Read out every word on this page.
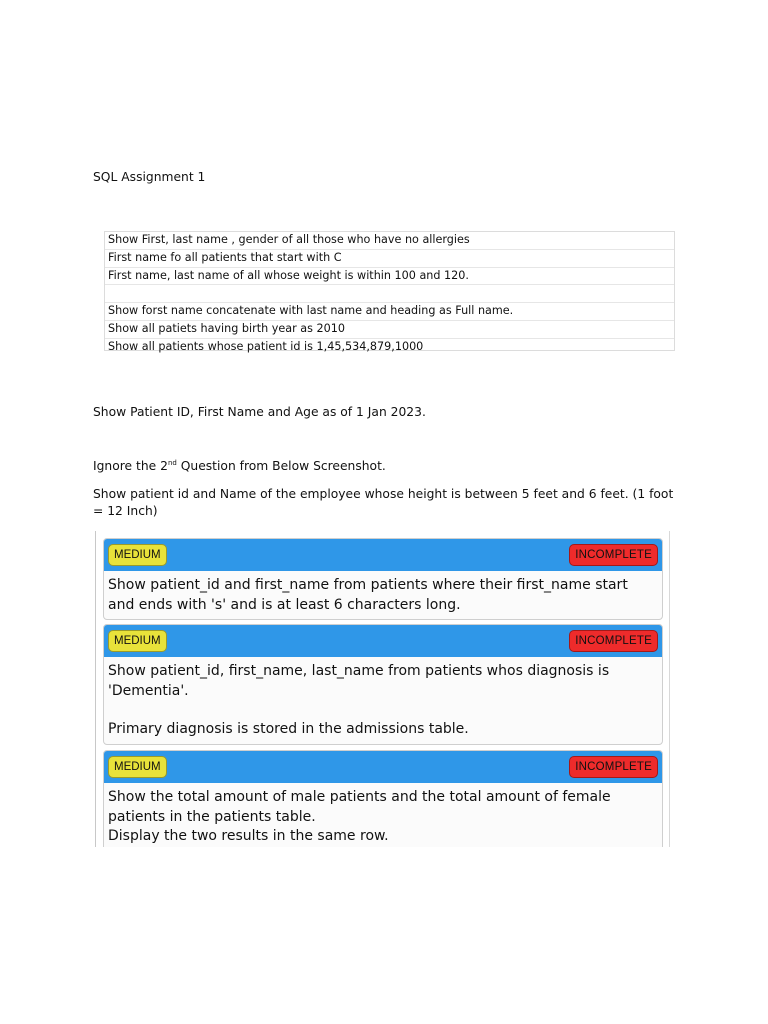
SQL Assignment 1

Show First, last name , gender of all those who have no allergies
First name fo all patients that start with C
First name, last name of all whose weight is within 100 and 120.
Show forst name concatenate with last name and heading as Full name.
Show all patiets having birth year as 2010
Show all patients whose patient id is 1,45,534,879,1000

Show Patient ID, First Name and Age as of 1 Jan 2023.

Ignore the 2nd Question from Below Screenshot.

Show patient id and Name of the employee whose height is between 5 feet and 6 feet. (1 foot = 12 Inch)

MEDIUM	INCOMPLETE

Show patient_id and first_name from patients where their first_name start and ends with 's' and is at least 6 characters long.

MEDIUM	INCOMPLETE

Show patient_id, first_name, last_name from patients whos diagnosis is 'Dementia'.

Primary diagnosis is stored in the admissions table.

MEDIUM	INCOMPLETE

Show the total amount of male patients and the total amount of female patients in the patients table.

Display the two results in the same row.
